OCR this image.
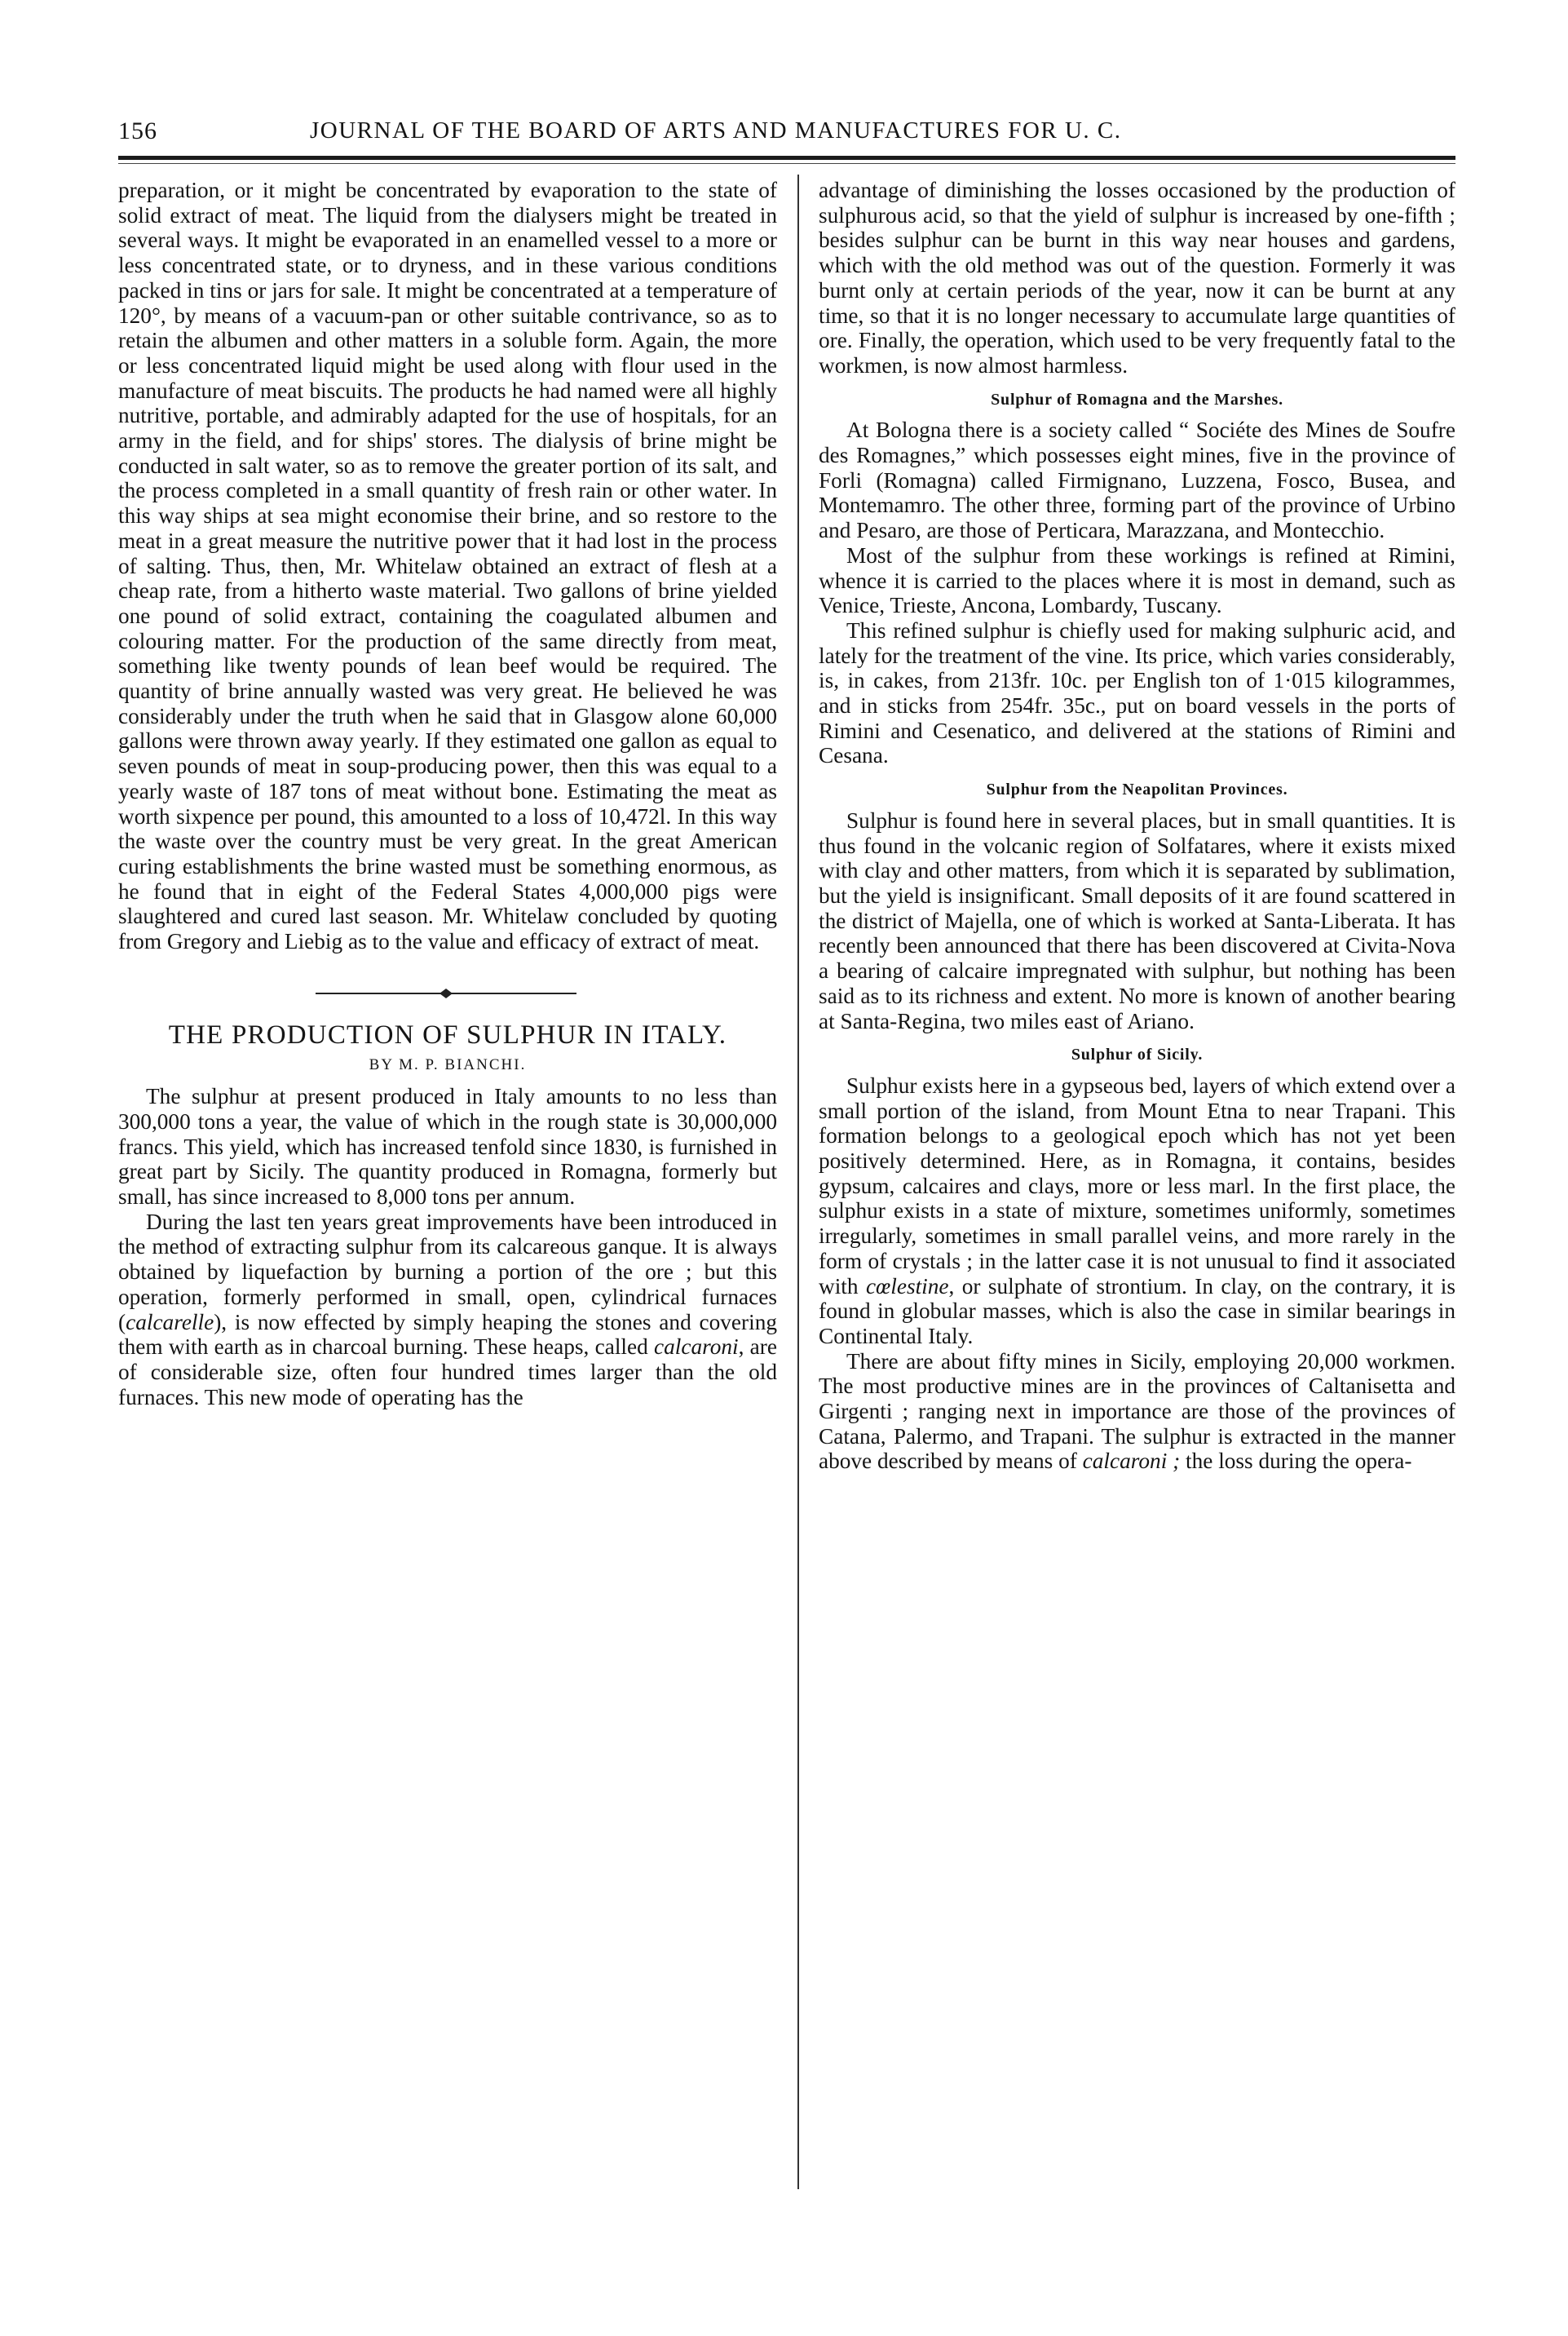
156	JOURNAL OF THE BOARD OF ARTS AND MANUFACTURES FOR U. C.

preparation, or it might be concentrated by evaporation to the state of solid extract of meat. The liquid from the dialysers might be treated in several ways. It might be evaporated in an enamelled vessel to a more or less concentrated state, or to dryness, and in these various conditions packed in tins or jars for sale. It might be concentrated at a temperature of 120°, by means of a vacuum-pan or other suitable contrivance, so as to retain the albumen and other matters in a soluble form. Again, the more or less concentrated liquid might be used along with flour used in the manufacture of meat biscuits. The products he had named were all highly nutritive, portable, and admirably adapted for the use of hospitals, for an army in the field, and for ships' stores. The dialysis of brine might be conducted in salt water, so as to remove the greater portion of its salt, and the process completed in a small quantity of fresh rain or other water. In this way ships at sea might economise their brine, and so restore to the meat in a great measure the nutritive power that it had lost in the process of salting. Thus, then, Mr. Whitelaw obtained an extract of flesh at a cheap rate, from a hitherto waste material. Two gallons of brine yielded one pound of solid extract, containing the coagulated albumen and colouring matter. For the production of the same directly from meat, something like twenty pounds of lean beef would be required. The quantity of brine annually wasted was very great. He believed he was considerably under the truth when he said that in Glasgow alone 60,000 gallons were thrown away yearly. If they estimated one gallon as equal to seven pounds of meat in soup-producing power, then this was equal to a yearly waste of 187 tons of meat without bone. Estimating the meat as worth sixpence per pound, this amounted to a loss of 10,472l. In this way the waste over the country must be very great. In the great American curing establishments the brine wasted must be something enormous, as he found that in eight of the Federal States 4,000,000 pigs were slaughtered and cured last season. Mr. Whitelaw concluded by quoting from Gregory and Liebig as to the value and efficacy of extract of meat.

THE PRODUCTION OF SULPHUR IN ITALY.
BY M. P. BIANCHI.

The sulphur at present produced in Italy amounts to no less than 300,000 tons a year, the value of which in the rough state is 30,000,000 francs. This yield, which has increased tenfold since 1830, is furnished in great part by Sicily. The quantity produced in Romagna, formerly but small, has since increased to 8,000 tons per annum.

During the last ten years great improvements have been introduced in the method of extracting sulphur from its calcareous ganque. It is always obtained by liquefaction by burning a portion of the ore ; but this operation, formerly performed in small, open, cylindrical furnaces (calcarelle), is now effected by simply heaping the stones and covering them with earth as in charcoal burning. These heaps, called calcaroni, are of considerable size, often four hundred times larger than the old furnaces. This new mode of operating has the

advantage of diminishing the losses occasioned by the production of sulphurous acid, so that the yield of sulphur is increased by one-fifth ; besides sulphur can be burnt in this way near houses and gardens, which with the old method was out of the question. Formerly it was burnt only at certain periods of the year, now it can be burnt at any time, so that it is no longer necessary to accumulate large quantities of ore. Finally, the operation, which used to be very frequently fatal to the workmen, is now almost harmless.

Sulphur of Romagna and the Marshes.

At Bologna there is a society called “ Sociéte des Mines de Soufre des Romagnes,” which possesses eight mines, five in the province of Forli (Romagna) called Firmignano, Luzzena, Fosco, Busea, and Montemamro. The other three, forming part of the province of Urbino and Pesaro, are those of Perticara, Marazzana, and Montecchio.

Most of the sulphur from these workings is refined at Rimini, whence it is carried to the places where it is most in demand, such as Venice, Trieste, Ancona, Lombardy, Tuscany.

This refined sulphur is chiefly used for making sulphuric acid, and lately for the treatment of the vine. Its price, which varies considerably, is, in cakes, from 213fr. 10c. per English ton of 1·015 kilogrammes, and in sticks from 254fr. 35c., put on board vessels in the ports of Rimini and Cesenatico, and delivered at the stations of Rimini and Cesana.

Sulphur from the Neapolitan Provinces.

Sulphur is found here in several places, but in small quantities. It is thus found in the volcanic region of Solfatares, where it exists mixed with clay and other matters, from which it is separated by sublimation, but the yield is insignificant. Small deposits of it are found scattered in the district of Majella, one of which is worked at Santa-Liberata. It has recently been announced that there has been discovered at Civita-Nova a bearing of calcaire impregnated with sulphur, but nothing has been said as to its richness and extent. No more is known of another bearing at Santa-Regina, two miles east of Ariano.

Sulphur of Sicily.

Sulphur exists here in a gypseous bed, layers of which extend over a small portion of the island, from Mount Etna to near Trapani. This formation belongs to a geological epoch which has not yet been positively determined. Here, as in Romagna, it contains, besides gypsum, calcaires and clays, more or less marl. In the first place, the sulphur exists in a state of mixture, sometimes uniformly, sometimes irregularly, sometimes in small parallel veins, and more rarely in the form of crystals ; in the latter case it is not unusual to find it associated with cœlestine, or sulphate of strontium. In clay, on the contrary, it is found in globular masses, which is also the case in similar bearings in Continental Italy.

There are about fifty mines in Sicily, employing 20,000 workmen. The most productive mines are in the provinces of Caltanisetta and Girgenti ; ranging next in importance are those of the provinces of Catana, Palermo, and Trapani. The sulphur is extracted in the manner above described by means of calcaroni ; the loss during the opera-
